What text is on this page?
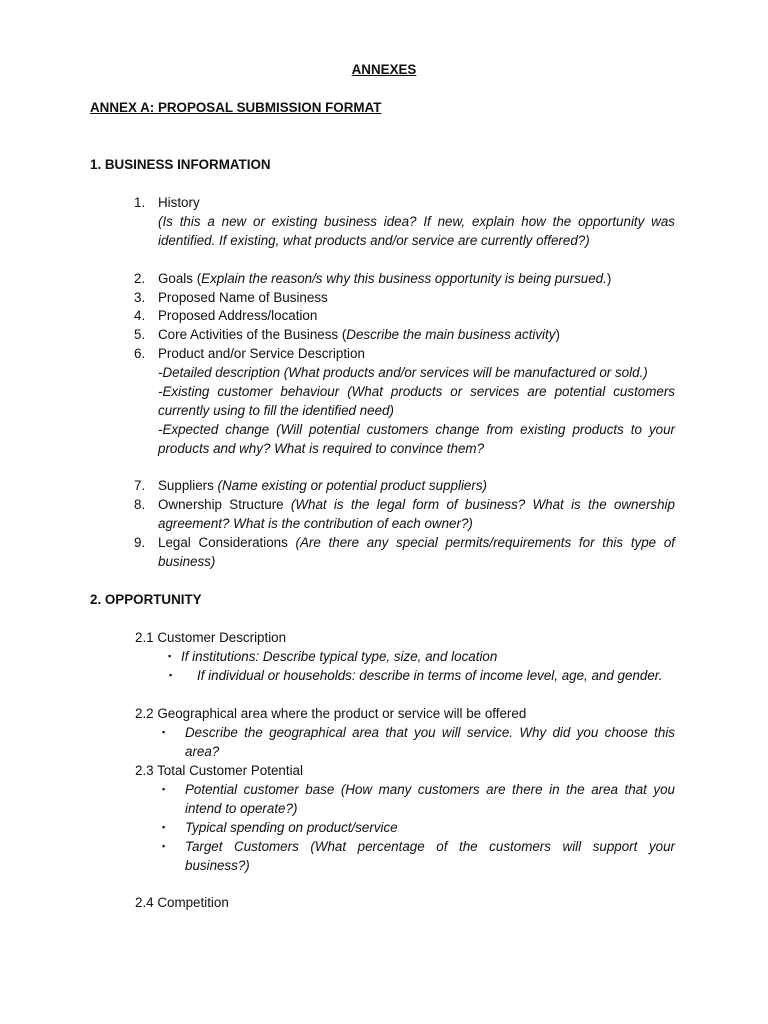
ANNEXES
ANNEX A: PROPOSAL SUBMISSION FORMAT
1. BUSINESS INFORMATION
1. History
(Is this a new or existing business idea? If new, explain how the opportunity was
identified. If existing, what products and/or service are currently offered?)
2. Goals (Explain the reason/s why this business opportunity is being pursued.)
3. Proposed Name of Business
4. Proposed Address/location
5. Core Activities of the Business (Describe the main business activity)
6. Product and/or Service Description
-Detailed description (What products and/or services will be manufactured or sold.)
-Existing customer behaviour (What products or services are potential customers
currently using to fill the identified need)
-Expected change (Will potential customers change from existing products to your
products and why? What is required to convince them?
7. Suppliers (Name existing or potential product suppliers)
8. Ownership Structure (What is the legal form of business? What is the ownership
agreement? What is the contribution of each owner?)
9. Legal Considerations (Are there any special permits/requirements for this type of
business)
2. OPPORTUNITY
2.1 Customer Description
▪ If institutions: Describe typical type, size, and location
▪ If individual or households: describe in terms of income level, age, and gender.
2.2 Geographical area where the product or service will be offered
▪ Describe the geographical area that you will service. Why did you choose this
area?
2.3 Total Customer Potential
▪ Potential customer base (How many customers are there in the area that you
intend to operate?)
▪ Typical spending on product/service
▪ Target Customers (What percentage of the customers will support your
business?)
2.4 Competition
